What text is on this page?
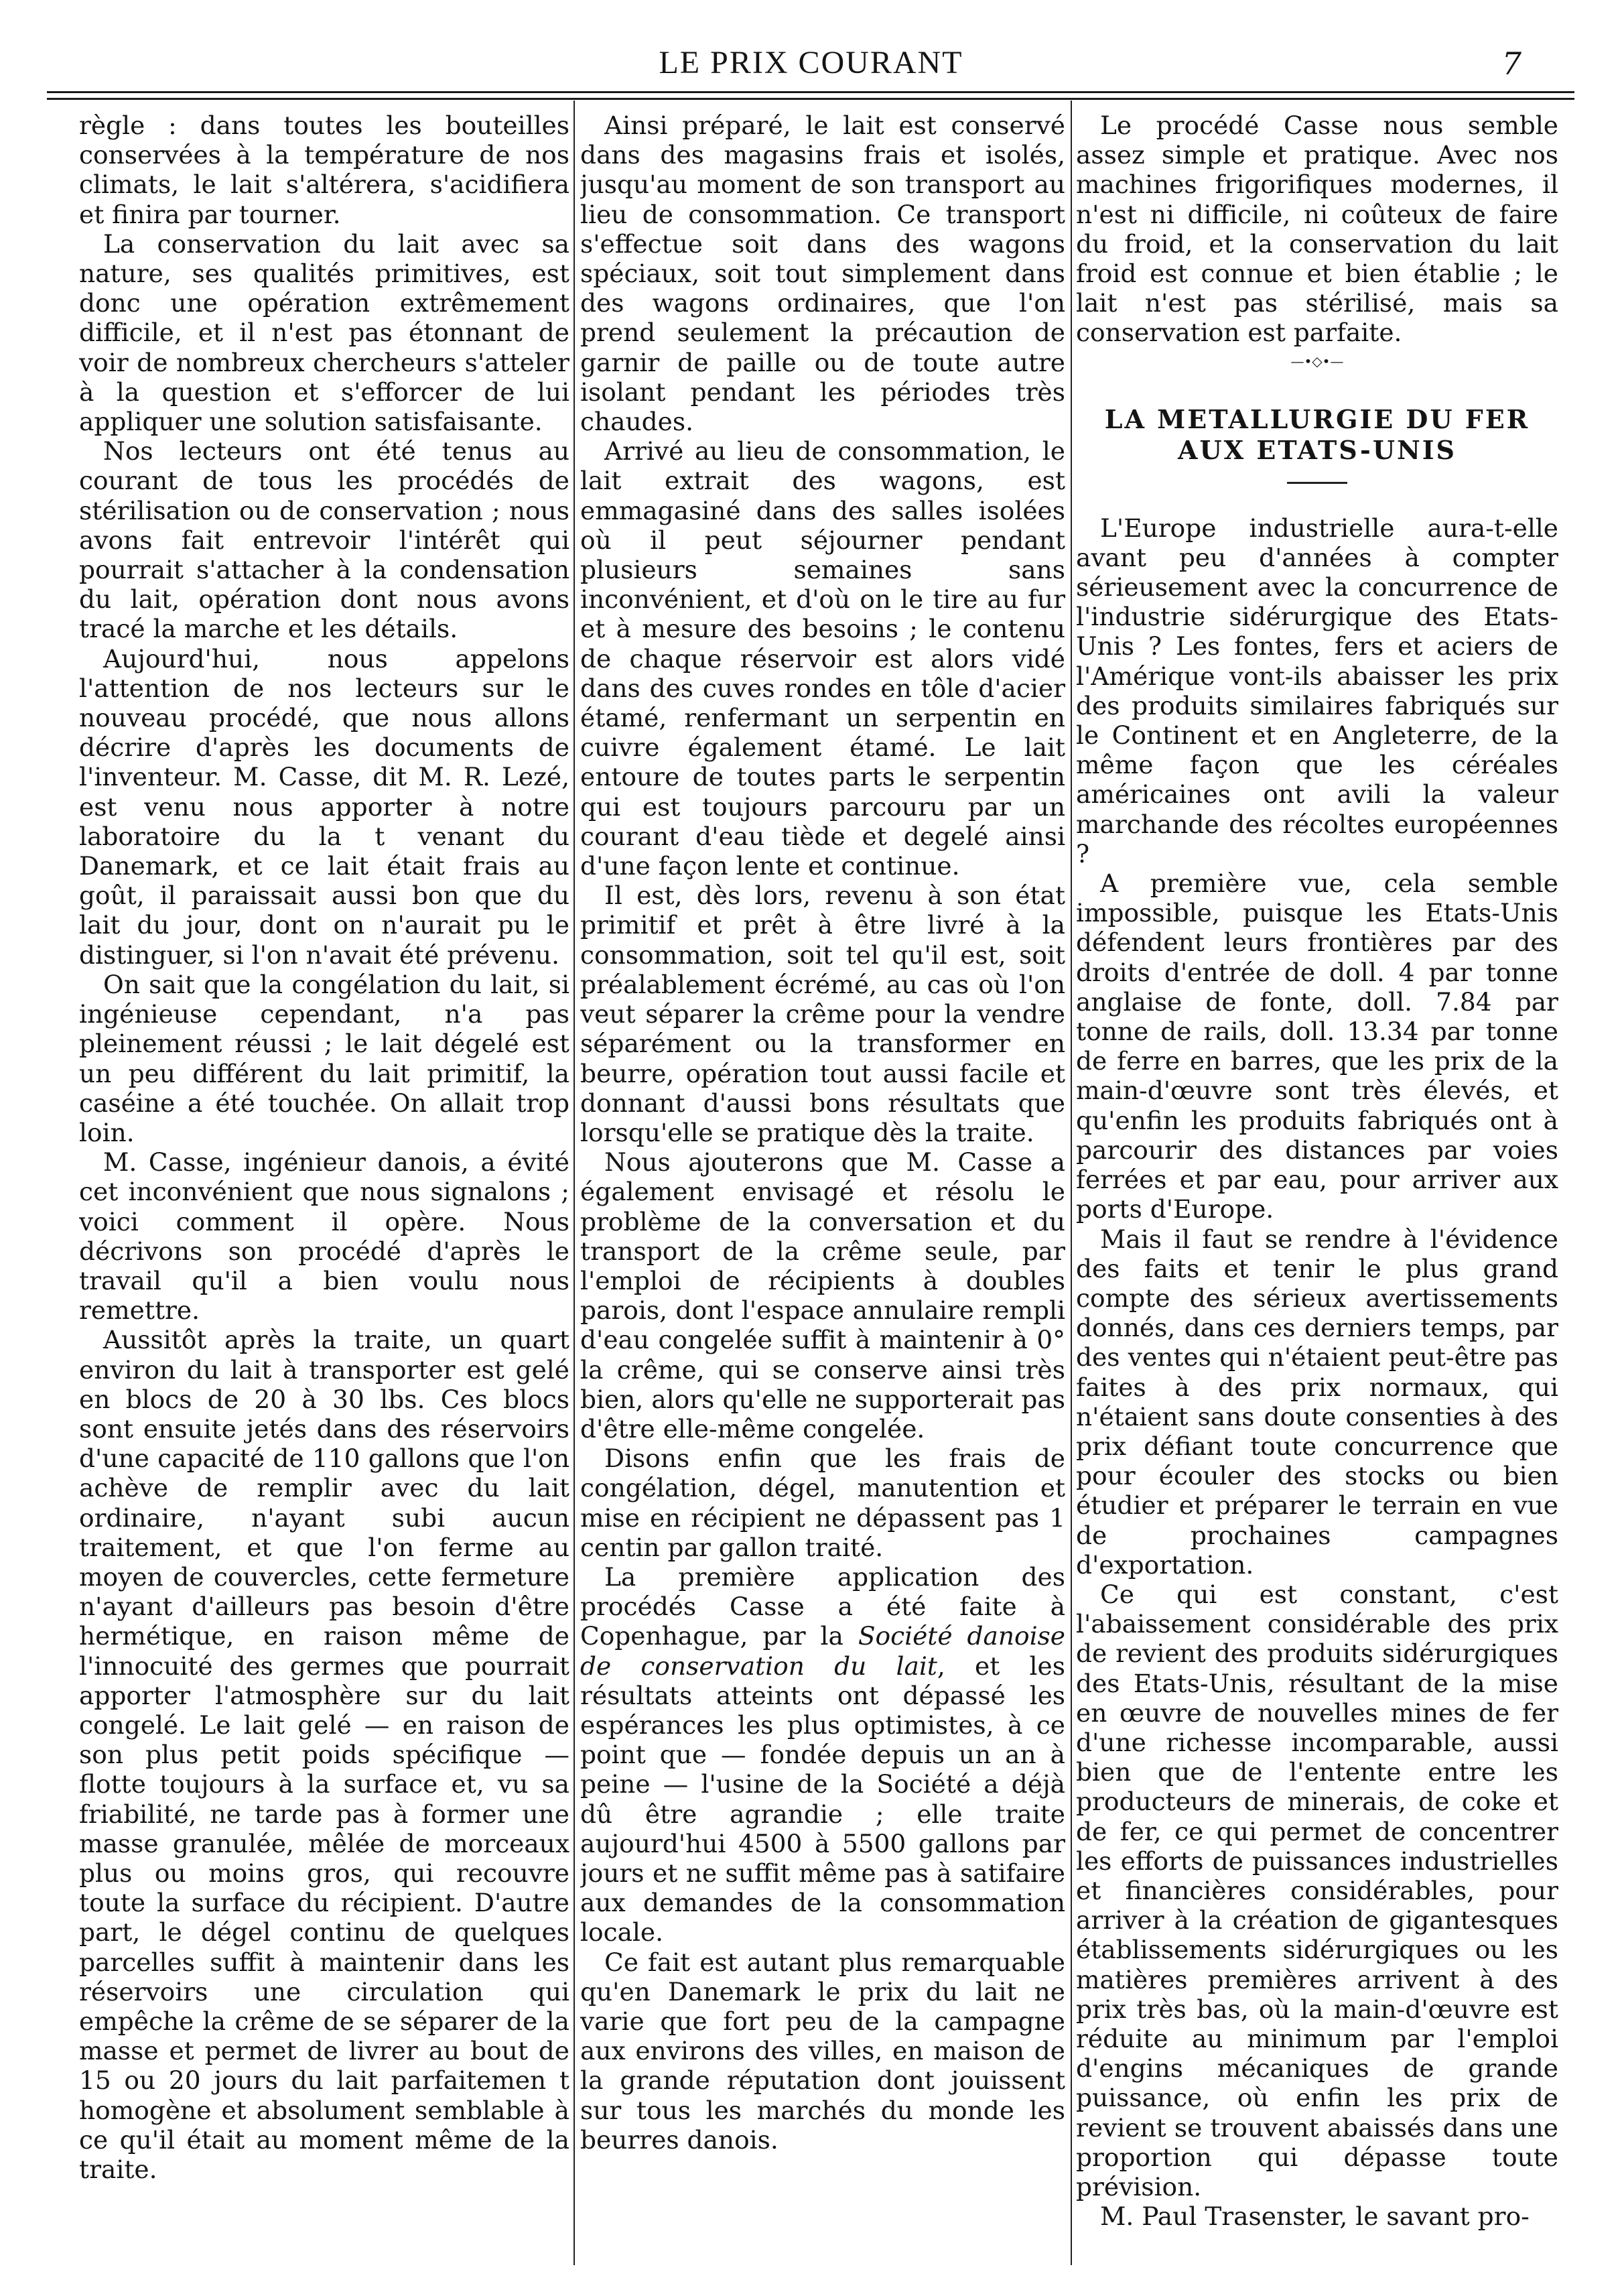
LE PRIX COURANT	7

règle : dans toutes les bouteilles conservées à la température de nos climats, le lait s'altérera, s'acidifiera et finira par tourner.

La conservation du lait avec sa nature, ses qualités primitives, est donc une opération extrêmement difficile, et il n'est pas étonnant de voir de nombreux chercheurs s'atteler à la question et s'efforcer de lui appliquer une solution satisfaisante.

Nos lecteurs ont été tenus au courant de tous les procédés de stérilisation ou de conservation ; nous avons fait entrevoir l'intérêt qui pourrait s'attacher à la condensation du lait, opération dont nous avons tracé la marche et les détails.

Aujourd'hui, nous appelons l'attention de nos lecteurs sur le nouveau procédé, que nous allons décrire d'après les documents de l'inventeur. M. Casse, dit M. R. Lezé, est venu nous apporter à notre laboratoire du la t venant du Danemark, et ce lait était frais au goût, il paraissait aussi bon que du lait du jour, dont on n'aurait pu le distinguer, si l'on n'avait été prévenu.

On sait que la congélation du lait, si ingénieuse cependant, n'a pas pleinement réussi ; le lait dégelé est un peu différent du lait primitif, la caséine a été touchée. On allait trop loin.

M. Casse, ingénieur danois, a évité cet inconvénient que nous signalons ; voici comment il opère. Nous décrivons son procédé d'après le travail qu'il a bien voulu nous remettre.

Aussitôt après la traite, un quart environ du lait à transporter est gelé en blocs de 20 à 30 lbs. Ces blocs sont ensuite jetés dans des réservoirs d'une capacité de 110 gallons que l'on achève de remplir avec du lait ordinaire, n'ayant subi aucun traitement, et que l'on ferme au moyen de couvercles, cette fermeture n'ayant d'ailleurs pas besoin d'être hermétique, en raison même de l'innocuité des germes que pourrait apporter l'atmosphère sur du lait congelé. Le lait gelé — en raison de son plus petit poids spécifique — flotte toujours à la surface et, vu sa friabilité, ne tarde pas à former une masse granulée, mêlée de morceaux plus ou moins gros, qui recouvre toute la surface du récipient. D'autre part, le dégel continu de quelques parcelles suffit à maintenir dans les réservoirs une circulation qui empêche la crême de se séparer de la masse et permet de livrer au bout de 15 ou 20 jours du lait parfaitemen t homogène et absolument semblable à ce qu'il était au moment même de la traite.

Ainsi préparé, le lait est conservé dans des magasins frais et isolés, jusqu'au moment de son transport au lieu de consommation. Ce transport s'effectue soit dans des wagons spéciaux, soit tout simplement dans des wagons ordinaires, que l'on prend seulement la précaution de garnir de paille ou de toute autre isolant pendant les périodes très chaudes.

Arrivé au lieu de consommation, le lait extrait des wagons, est emmagasiné dans des salles isolées où il peut séjourner pendant plusieurs semaines sans inconvénient, et d'où on le tire au fur et à mesure des besoins ; le contenu de chaque réservoir est alors vidé dans des cuves rondes en tôle d'acier étamé, renfermant un serpentin en cuivre également étamé. Le lait entoure de toutes parts le serpentin qui est toujours parcouru par un courant d'eau tiède et degelé ainsi d'une façon lente et continue.

Il est, dès lors, revenu à son état primitif et prêt à être livré à la consommation, soit tel qu'il est, soit préalablement écrémé, au cas où l'on veut séparer la crême pour la vendre séparément ou la transformer en beurre, opération tout aussi facile et donnant d'aussi bons résultats que lorsqu'elle se pratique dès la traite.

Nous ajouterons que M. Casse a également envisagé et résolu le problème de la conversation et du transport de la crême seule, par l'emploi de récipients à doubles parois, dont l'espace annulaire rempli d'eau congelée suffit à maintenir à 0° la crême, qui se conserve ainsi très bien, alors qu'elle ne supporterait pas d'être elle-même congelée.

Disons enfin que les frais de congélation, dégel, manutention et mise en récipient ne dépassent pas 1 centin par gallon traité.

La première application des procédés Casse a été faite à Copenhague, par la Société danoise de conservation du lait, et les résultats atteints ont dépassé les espérances les plus optimistes, à ce point que — fondée depuis un an à peine — l'usine de la Société a déjà dû être agrandie ; elle traite aujourd'hui 4500 à 5500 gallons par jours et ne suffit même pas à satifaire aux demandes de la consommation locale.

Ce fait est autant plus remarquable qu'en Danemark le prix du lait ne varie que fort peu de la campagne aux environs des villes, en maison de la grande réputation dont jouissent sur tous les marchés du monde les beurres danois.

Le procédé Casse nous semble assez simple et pratique. Avec nos machines frigorifiques modernes, il n'est ni difficile, ni coûteux de faire du froid, et la conservation du lait froid est connue et bien établie ; le lait n'est pas stérilisé, mais sa conservation est parfaite.

—•◇•—
LA METALLURGIE DU FER AUX ETATS-UNIS

L'Europe industrielle aura-t-elle avant peu d'années à compter sérieusement avec la concurrence de l'industrie sidérurgique des Etats-Unis ? Les fontes, fers et aciers de l'Amérique vont-ils abaisser les prix des produits similaires fabriqués sur le Continent et en Angleterre, de la même façon que les céréales américaines ont avili la valeur marchande des récoltes européennes ?

A première vue, cela semble impossible, puisque les Etats-Unis défendent leurs frontières par des droits d'entrée de doll. 4 par tonne anglaise de fonte, doll. 7.84 par tonne de rails, doll. 13.34 par tonne de ferre en barres, que les prix de la main-d'œuvre sont très élevés, et qu'enfin les produits fabriqués ont à parcourir des distances par voies ferrées et par eau, pour arriver aux ports d'Europe.

Mais il faut se rendre à l'évidence des faits et tenir le plus grand compte des sérieux avertissements donnés, dans ces derniers temps, par des ventes qui n'étaient peut-être pas faites à des prix normaux, qui n'étaient sans doute consenties à des prix défiant toute concurrence que pour écouler des stocks ou bien étudier et préparer le terrain en vue de prochaines campagnes d'exportation.

Ce qui est constant, c'est l'abaissement considérable des prix de revient des produits sidérurgiques des Etats-Unis, résultant de la mise en œuvre de nouvelles mines de fer d'une richesse incomparable, aussi bien que de l'entente entre les producteurs de minerais, de coke et de fer, ce qui permet de concentrer les efforts de puissances industrielles et financières considérables, pour arriver à la création de gigantesques établissements sidérurgiques ou les matières premières arrivent à des prix très bas, où la main-d'œuvre est réduite au minimum par l'emploi d'engins mécaniques de grande puissance, où enfin les prix de revient se trouvent abaissés dans une proportion qui dépasse toute prévision.

M. Paul Trasenster, le savant pro-
